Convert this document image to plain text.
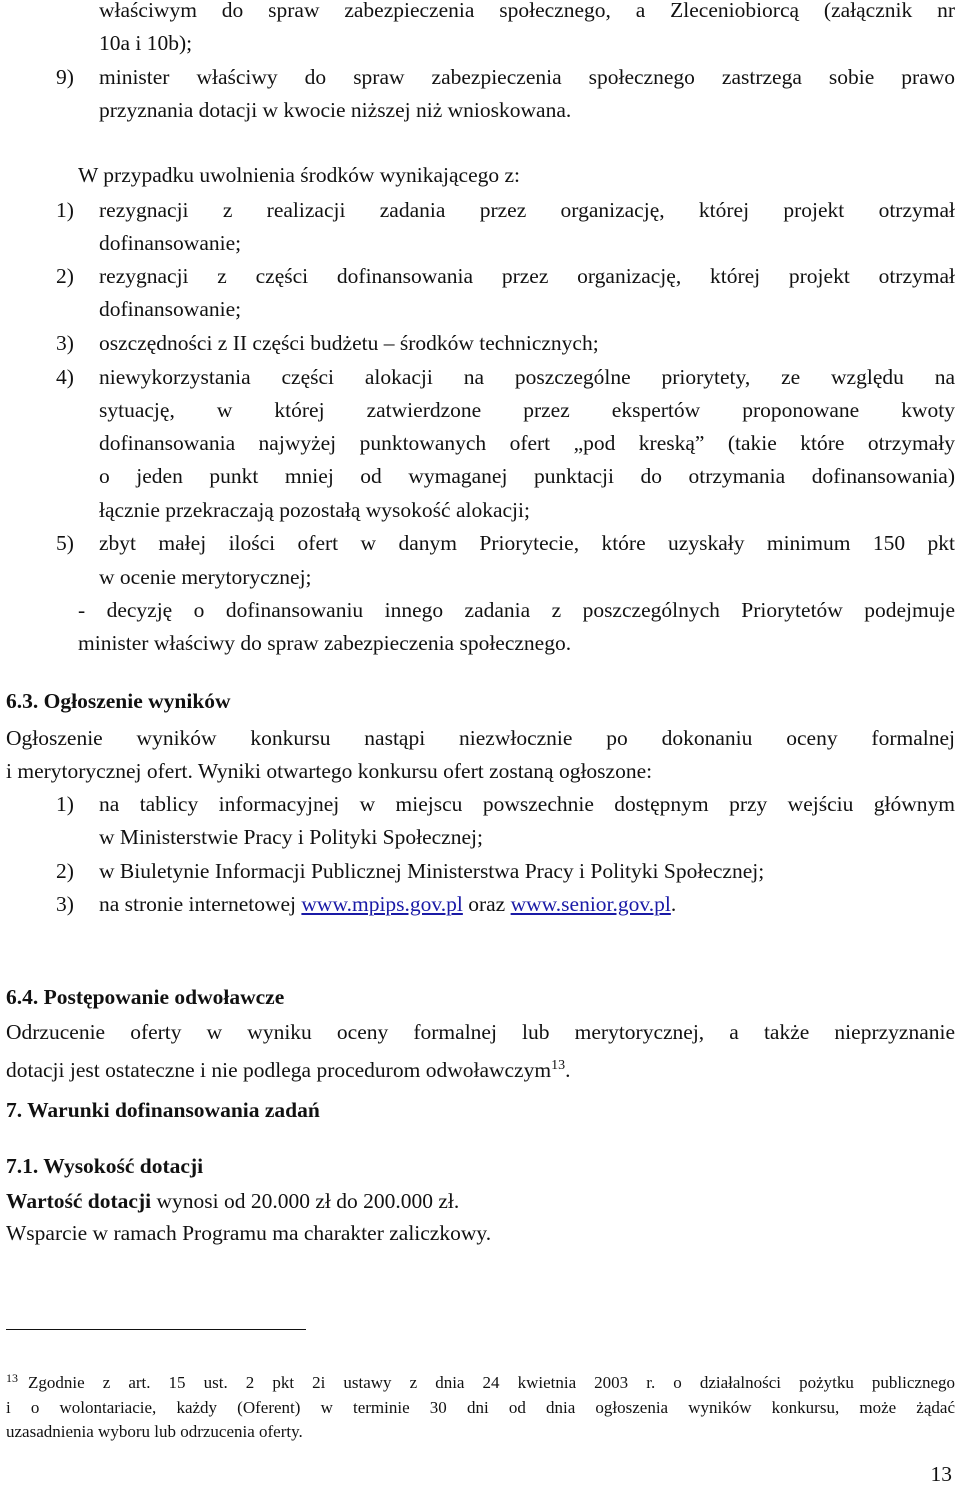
właściwym do spraw zabezpieczenia społecznego, a Zleceniobiorcą (załącznik nr
10a i 10b);
9) minister właściwy do spraw zabezpieczenia społecznego zastrzega sobie prawo
przyznania dotacji w kwocie niższej niż wnioskowana.
W przypadku uwolnienia środków wynikającego z:
1) rezygnacji z realizacji zadania przez organizację, której projekt otrzymał
dofinansowanie;
2) rezygnacji z części dofinansowania przez organizację, której projekt otrzymał
dofinansowanie;
3) oszczędności z II części budżetu – środków technicznych;
4) niewykorzystania części alokacji na poszczególne priorytety, ze względu na
sytuację, w której zatwierdzone przez ekspertów proponowane kwoty
dofinansowania najwyżej punktowanych ofert „pod kreską” (takie które otrzymały
o jeden punkt mniej od wymaganej punktacji do otrzymania dofinansowania)
łącznie przekraczają pozostałą wysokość alokacji;
5) zbyt małej ilości ofert w danym Priorytecie, które uzyskały minimum 150 pkt
w ocenie merytorycznej;
- decyzję o dofinansowaniu innego zadania z poszczególnych Priorytetów podejmuje
minister właściwy do spraw zabezpieczenia społecznego.
6.3. Ogłoszenie wyników
Ogłoszenie wyników konkursu nastąpi niezwłocznie po dokonaniu oceny formalnej
i merytorycznej ofert. Wyniki otwartego konkursu ofert zostaną ogłoszone:
1) na tablicy informacyjnej w miejscu powszechnie dostępnym przy wejściu głównym
w Ministerstwie Pracy i Polityki Społecznej;
2) w Biuletynie Informacji Publicznej Ministerstwa Pracy i Polityki Społecznej;
3) na stronie internetowej www.mpips.gov.pl oraz www.senior.gov.pl.
6.4. Postępowanie odwoławcze
Odrzucenie oferty w wyniku oceny formalnej lub merytorycznej, a także nieprzyznanie
dotacji jest ostateczne i nie podlega procedurom odwoławczym$^{13}$.
7. Warunki dofinansowania zadań
7.1. Wysokość dotacji
Wartość dotacji wynosi od 20.000 zł do 200.000 zł.
Wsparcie w ramach Programu ma charakter zaliczkowy.
$^{13}$ Zgodnie z art. 15 ust. 2 pkt 2i ustawy z dnia 24 kwietnia 2003 r. o działalności pożytku publicznego
i o wolontariacie, każdy (Oferent) w terminie 30 dni od dnia ogłoszenia wyników konkursu, może żądać
uzasadnienia wyboru lub odrzucenia oferty.
13
